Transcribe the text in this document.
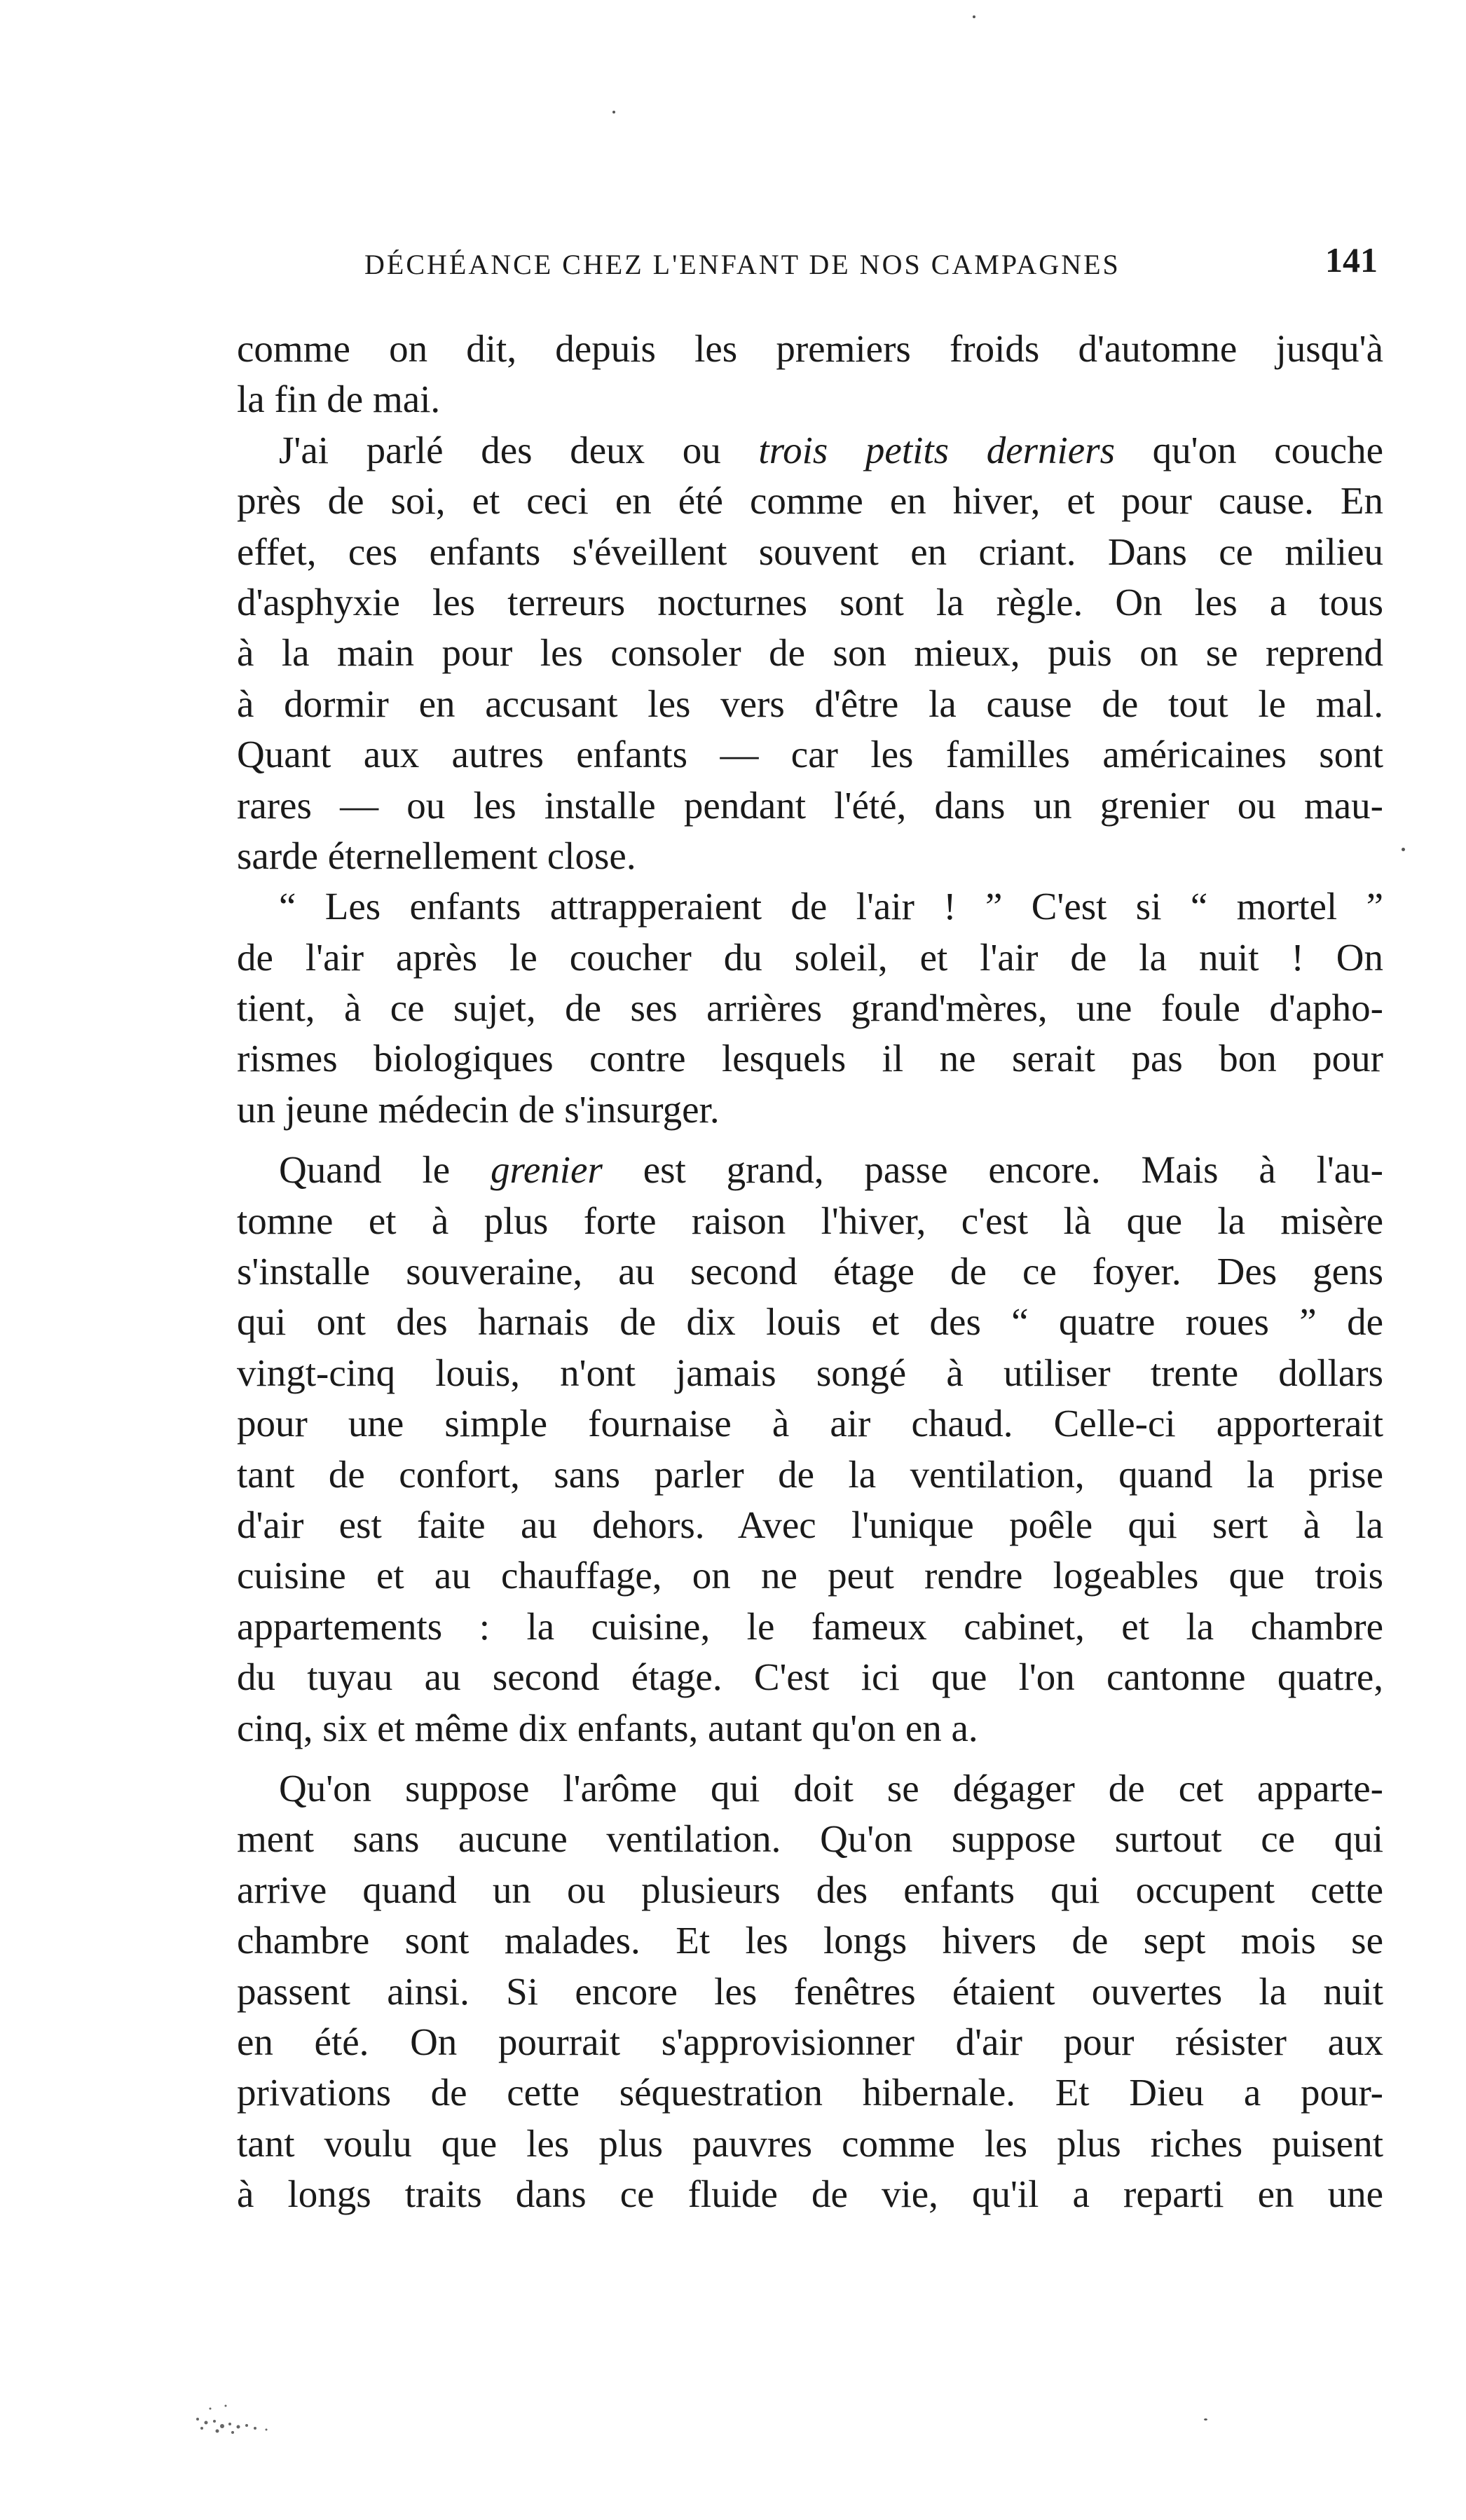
DÉCHÉANCE CHEZ L'ENFANT DE NOS CAMPAGNES	141
comme on dit, depuis les premiers froids d'automne jusqu'à
la fin de mai.
J'ai parlé des deux ou trois petits derniers qu'on couche
près de soi, et ceci en été comme en hiver, et pour cause. En
effet, ces enfants s'éveillent souvent en criant. Dans ce milieu
d'asphyxie les terreurs nocturnes sont la règle. On les a tous
à la main pour les consoler de son mieux, puis on se reprend
à dormir en accusant les vers d'être la cause de tout le mal.
Quant aux autres enfants — car les familles américaines sont
rares — ou les installe pendant l'été, dans un grenier ou mau-
sarde éternellement close.
“ Les enfants attrapperaient de l'air ! ” C'est si “ mortel ”
de l'air après le coucher du soleil, et l'air de la nuit ! On
tient, à ce sujet, de ses arrières grand'mères, une foule d'apho-
rismes biologiques contre lesquels il ne serait pas bon pour
un jeune médecin de s'insurger.
Quand le grenier est grand, passe encore. Mais à l'au-
tomne et à plus forte raison l'hiver, c'est là que la misère
s'installe souveraine, au second étage de ce foyer. Des gens
qui ont des harnais de dix louis et des “ quatre roues ” de
vingt-cinq louis, n'ont jamais songé à utiliser trente dollars
pour une simple fournaise à air chaud. Celle-ci apporterait
tant de confort, sans parler de la ventilation, quand la prise
d'air est faite au dehors. Avec l'unique poêle qui sert à la
cuisine et au chauffage, on ne peut rendre logeables que trois
appartements : la cuisine, le fameux cabinet, et la chambre
du tuyau au second étage. C'est ici que l'on cantonne quatre,
cinq, six et même dix enfants, autant qu'on en a.
Qu'on suppose l'arôme qui doit se dégager de cet apparte-
ment sans aucune ventilation. Qu'on suppose surtout ce qui
arrive quand un ou plusieurs des enfants qui occupent cette
chambre sont malades. Et les longs hivers de sept mois se
passent ainsi. Si encore les fenêtres étaient ouvertes la nuit
en été. On pourrait s'approvisionner d'air pour résister aux
privations de cette séquestration hibernale. Et Dieu a pour-
tant voulu que les plus pauvres comme les plus riches puisent
à longs traits dans ce fluide de vie, qu'il a reparti en une
